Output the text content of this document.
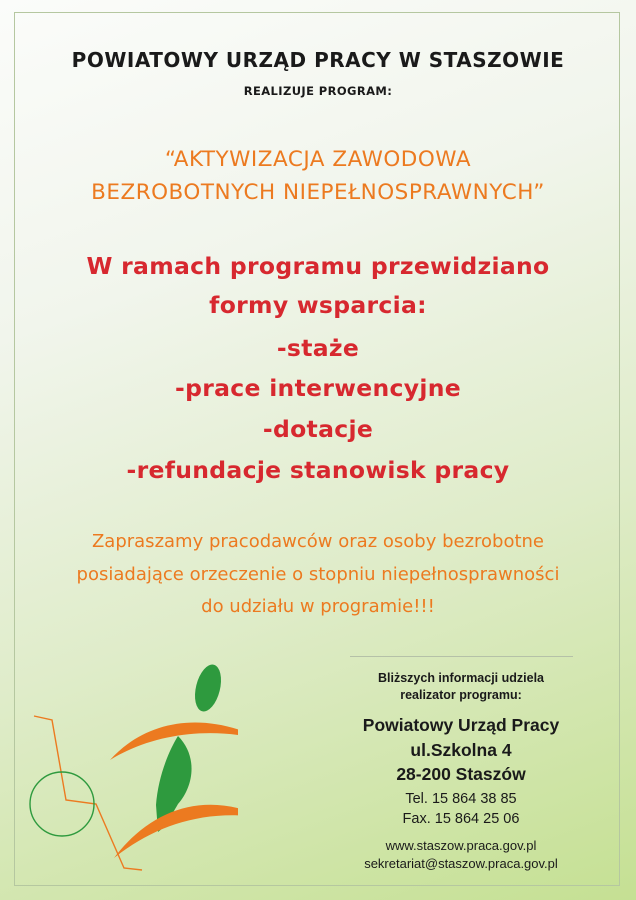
POWIATOWY URZĄD PRACY W STASZOWIE
REALIZUJE PROGRAM:
“AKTYWIZACJA ZAWODOWA
BEZROBOTNYCH NIEPEŁNOSPRAWNYCH”
W ramach programu przewidziano
formy wsparcia:
-staże
-prace interwencyjne
-dotacje
-refundacje stanowisk pracy
Zapraszamy pracodawców oraz osoby bezrobotne
posiadające orzeczenie o stopniu niepełnosprawności
do udziału w programie!!!
Bliższych informacji udziela
realizator programu:
Powiatowy Urząd Pracy
ul.Szkolna 4
28-200 Staszów
Tel. 15 864 38 85
Fax. 15 864 25 06
www.staszow.praca.gov.pl
sekretariat@staszow.praca.gov.pl
